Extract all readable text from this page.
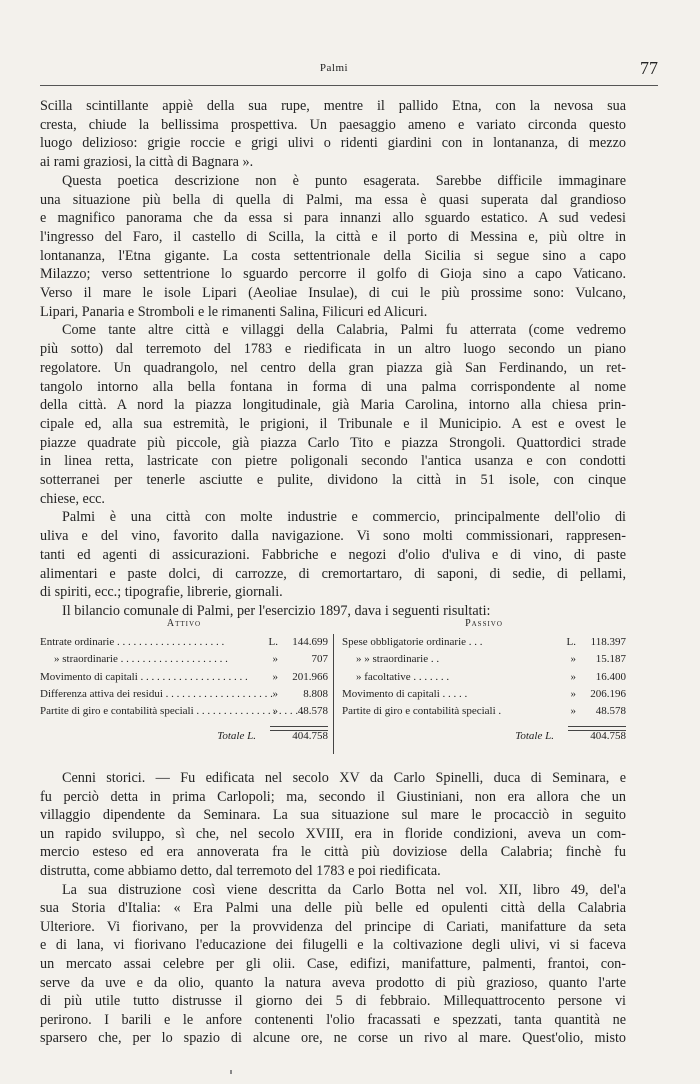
Palmi	77

Scilla scintillante appiè della sua rupe, mentre il pallido Etna, con la nevosa sua
cresta, chiude la bellissima prospettiva. Un paesaggio ameno e variato circonda questo
luogo delizioso: grigie roccie e grigi ulivi o ridenti giardini con in lontananza, di mezzo
ai rami graziosi, la città di Bagnara ».

Questa poetica descrizione non è punto esagerata. Sarebbe difficile immaginare
una situazione più bella di quella di Palmi, ma essa è quasi superata dal grandioso
e magnifico panorama che da essa si para innanzi allo sguardo estatico. A sud vedesi
l'ingresso del Faro, il castello di Scilla, la città e il porto di Messina e, più oltre in
lontananza, l'Etna gigante. La costa settentrionale della Sicilia si segue sino a capo
Milazzo; verso settentrione lo sguardo percorre il golfo di Gioja sino a capo Vaticano.
Verso il mare le isole Lipari (Aeoliae Insulae), di cui le più prossime sono: Vulcano,
Lipari, Panaria e Stromboli e le rimanenti Salina, Filicuri ed Alicuri.

Come tante altre città e villaggi della Calabria, Palmi fu atterrata (come vedremo
più sotto) dal terremoto del 1783 e riedificata in un altro luogo secondo un piano
regolatore. Un quadrangolo, nel centro della gran piazza già San Ferdinando, un ret-
tangolo intorno alla bella fontana in forma di una palma corrispondente al nome
della città. A nord la piazza longitudinale, già Maria Carolina, intorno alla chiesa prin-
cipale ed, alla sua estremità, le prigioni, il Tribunale e il Municipio. A est e ovest le
piazze quadrate più piccole, già piazza Carlo Tito e piazza Strongoli. Quattordici strade
in linea retta, lastricate con pietre poligonali secondo l'antica usanza e con condotti
sotterranei per tenerle asciutte e pulite, dividono la città in 51 isole, con cinque
chiese, ecc.

Palmi è una città con molte industrie e commercio, principalmente dell'olio di
uliva e del vino, favorito dalla navigazione. Vi sono molti commissionari, rappresen-
tanti ed agenti di assicurazioni. Fabbriche e negozi d'olio d'uliva e di vino, di paste
alimentari e paste dolci, di carrozze, di cremortartaro, di saponi, di sedie, di pellami,
di spiriti, ecc.; tipografie, librerie, giornali.

Il bilancio comunale di Palmi, per l'esercizio 1897, dava i seguenti risultati:

Attivo
Entrate ordinarie . . .	L. 144.699
» straordinarie . . .	»	707
Movimento di capitali . . .	» 201.966
Differenza attiva dei residui . . .	» 8.808
Partite di giro e contabilità speciali . . .	» 48.578
Totale L.	404.758
Passivo
Spese obbligatorie ordinarie . . .	L. 118.397
» » straordinarie . .	» 15.187
» facoltative . . . . . . .	» 16.400
Movimento di capitali . . . . .	» 206.196
Partite di giro e contabilità speciali .	» 48.578
Totale L.	404.758

Cenni storici. — Fu edificata nel secolo XV da Carlo Spinelli, duca di Seminara, e
fu perciò detta in prima Carlopoli; ma, secondo il Giustiniani, non era allora che un
villaggio dipendente da Seminara. La sua situazione sul mare le procacciò in seguito
un rapido sviluppo, sì che, nel secolo XVIII, era in floride condizioni, aveva un com-
mercio esteso ed era annoverata fra le città più doviziose della Calabria; finchè fu
distrutta, come abbiamo detto, dal terremoto del 1783 e poi riedificata.

La sua distruzione così viene descritta da Carlo Botta nel vol. XII, libro 49, del'a
sua Storia d'Italia: « Era Palmi una delle più belle ed opulenti città della Calabria
Ulteriore. Vi fiorivano, per la provvidenza del principe di Cariati, manifatture da seta
e di lana, vi fiorivano l'educazione dei filugelli e la coltivazione degli ulivi, vi si faceva
un mercato assai celebre per gli olii. Case, edifizi, manifatture, palmenti, frantoi, con-
serve da uve e da olio, quanto la natura aveva prodotto di più grazioso, quanto l'arte
di più utile tutto distrusse il giorno dei 5 di febbraio. Millequattrocento persone vi
perirono. I barili e le anfore contenenti l'olio fracassati e spezzati, tanta quantità ne
sparsero che, per lo spazio di alcune ore, ne corse un rivo al mare. Quest'olio, misto
